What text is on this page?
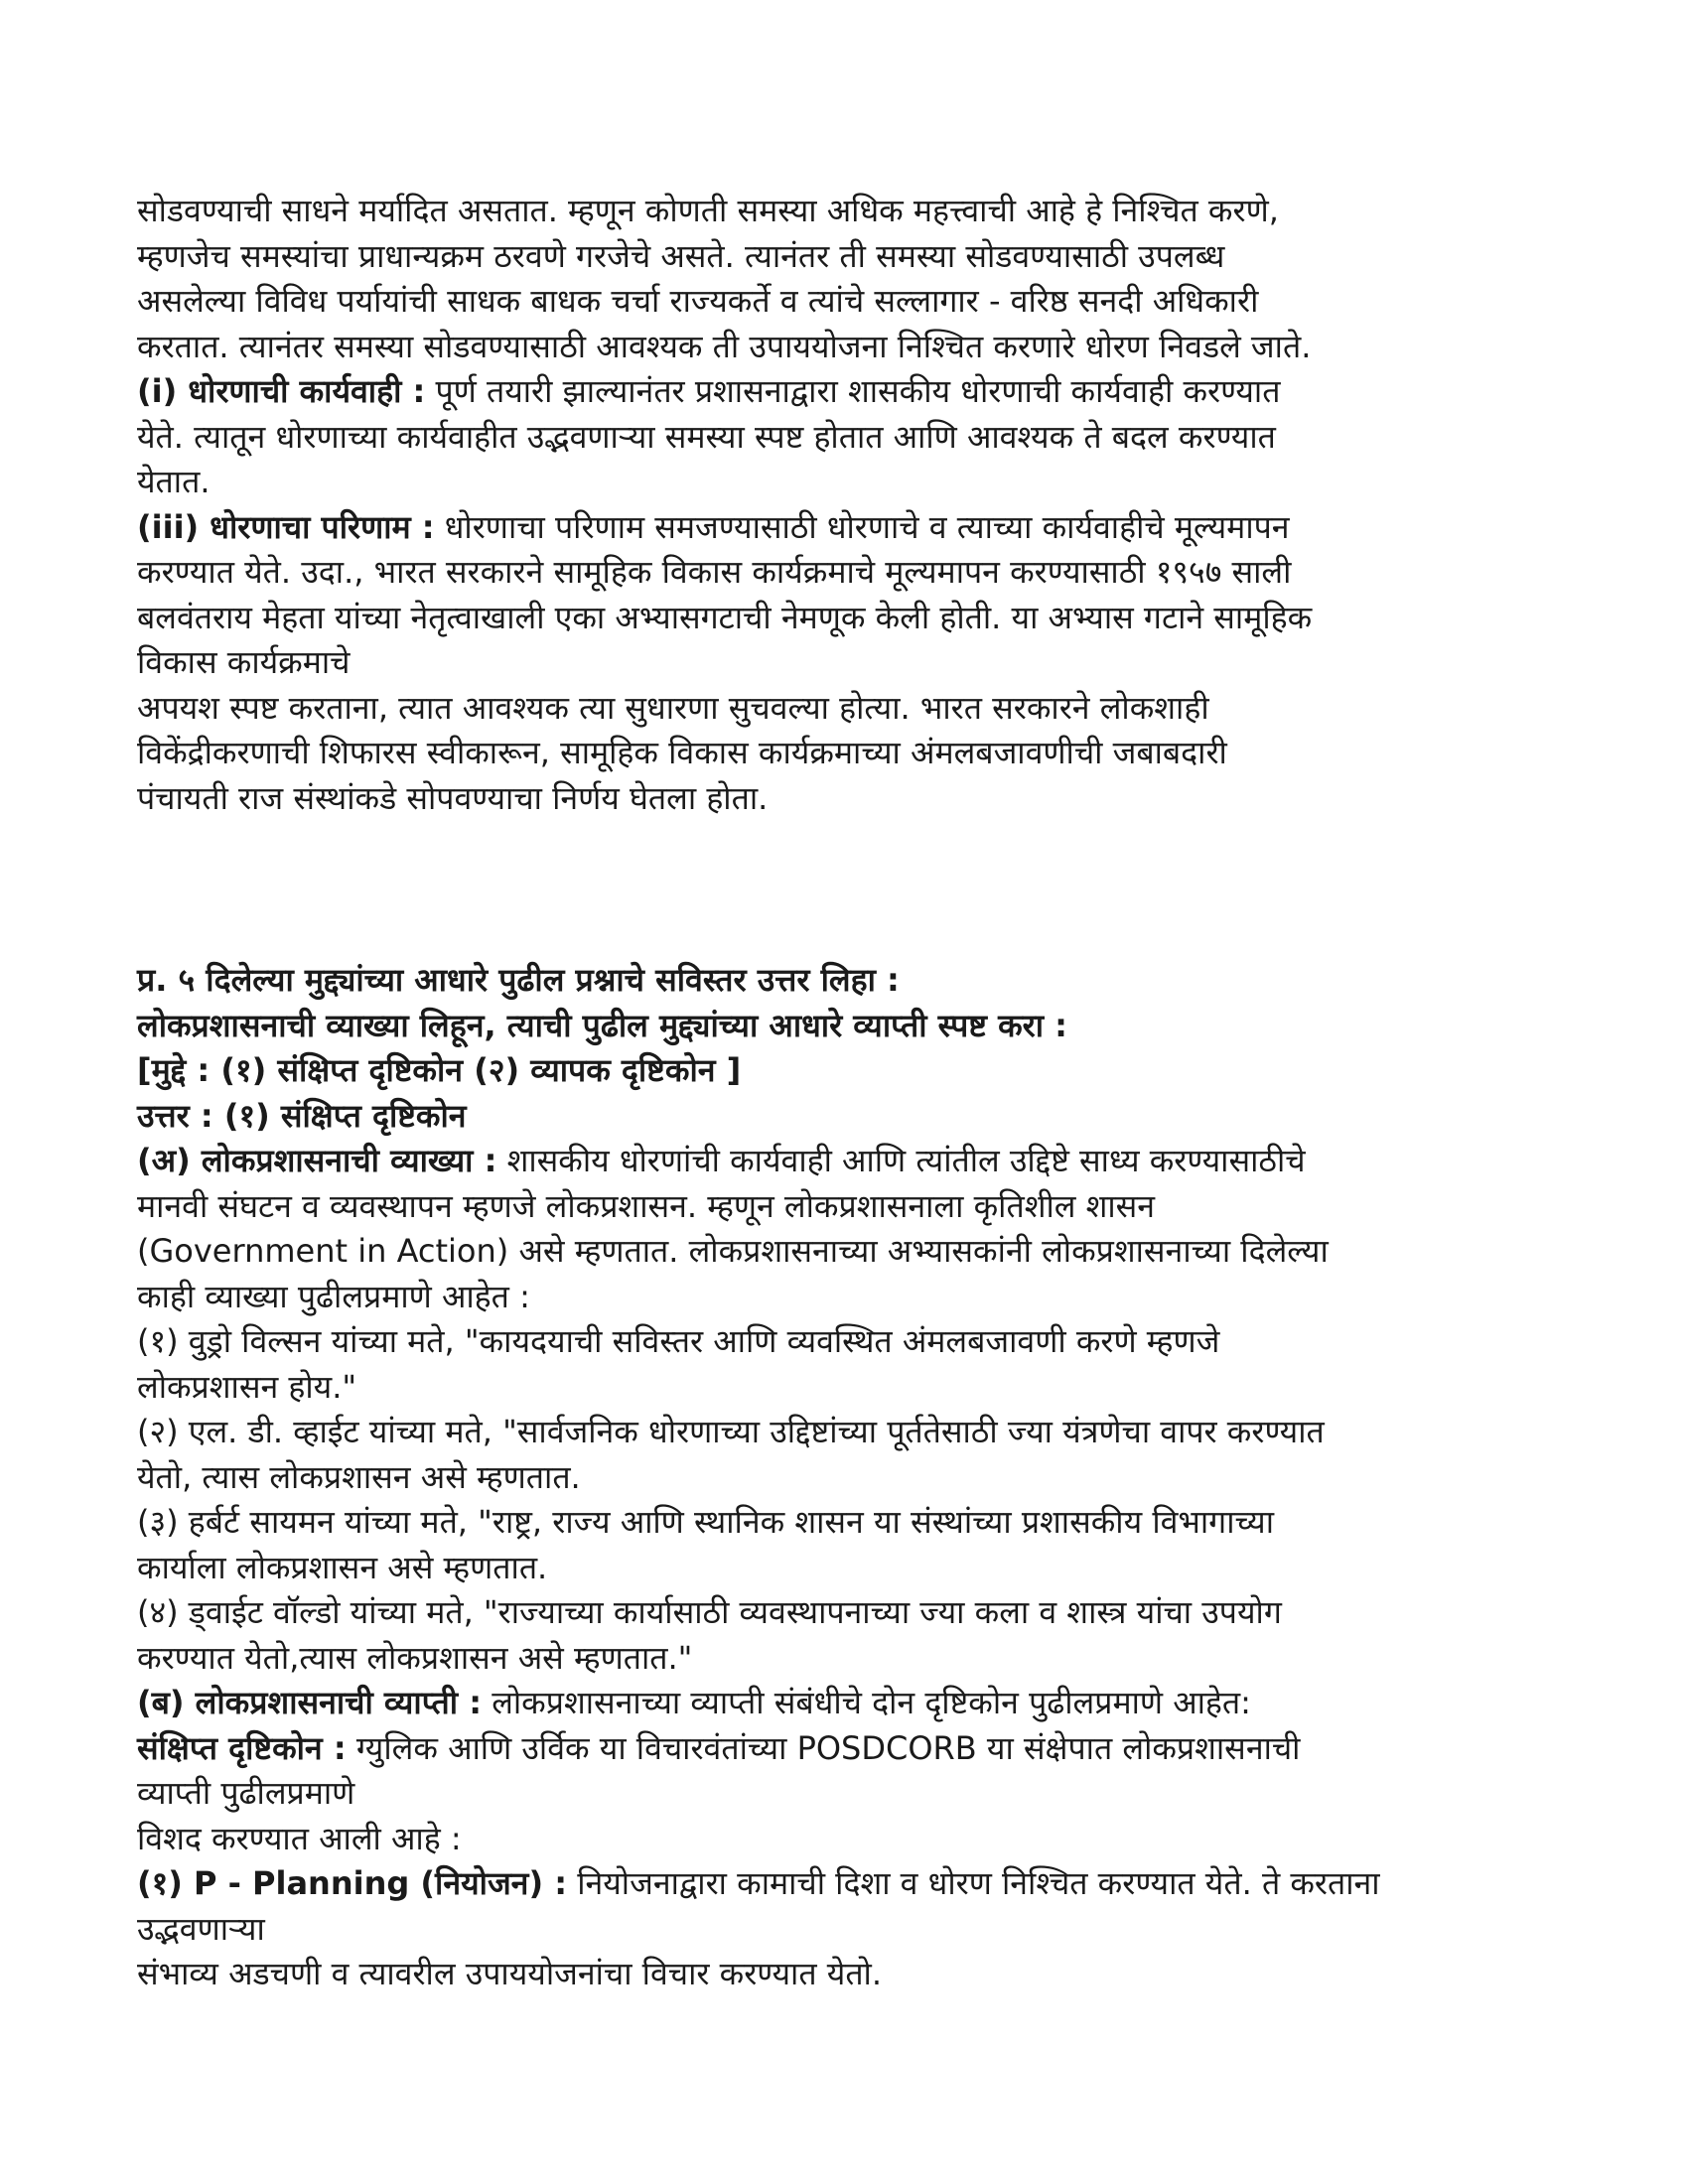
सोडवण्याची साधने मर्यादित असतात. म्हणून कोणती समस्या अधिक महत्त्वाची आहे हे निश्चित करणे,

म्हणजेच समस्यांचा प्राधान्यक्रम ठरवणे गरजेचे असते. त्यानंतर ती समस्या सोडवण्यासाठी उपलब्ध

असलेल्या विविध पर्यायांची साधक बाधक चर्चा राज्यकर्ते व त्यांचे सल्लागार - वरिष्ठ सनदी अधिकारी

करतात. त्यानंतर समस्या सोडवण्यासाठी आवश्यक ती उपाययोजना निश्चित करणारे धोरण निवडले जाते.

(i) धोरणाची कार्यवाही : पूर्ण तयारी झाल्यानंतर प्रशासनाद्वारा शासकीय धोरणाची कार्यवाही करण्यात

येते. त्यातून धोरणाच्या कार्यवाहीत उद्भवणाऱ्या समस्या स्पष्ट होतात आणि आवश्यक ते बदल करण्यात

येतात.

(iii) धोरणाचा परिणाम : धोरणाचा परिणाम समजण्यासाठी धोरणाचे व त्याच्या कार्यवाहीचे मूल्यमापन

करण्यात येते. उदा., भारत सरकारने सामूहिक विकास कार्यक्रमाचे मूल्यमापन करण्यासाठी १९५७ साली

बलवंतराय मेहता यांच्या नेतृत्वाखाली एका अभ्यासगटाची नेमणूक केली होती. या अभ्यास गटाने सामूहिक

विकास कार्यक्रमाचे

अपयश स्पष्ट करताना, त्यात आवश्यक त्या सुधारणा सुचवल्या होत्या. भारत सरकारने लोकशाही

विकेंद्रीकरणाची शिफारस स्वीकारून, सामूहिक विकास कार्यक्रमाच्या अंमलबजावणीची जबाबदारी

पंचायती राज संस्थांकडे सोपवण्याचा निर्णय घेतला होता.

प्र. ५ दिलेल्या मुद्द्यांच्या आधारे पुढील प्रश्नाचे सविस्तर उत्तर लिहा :

लोकप्रशासनाची व्याख्या लिहून, त्याची पुढील मुद्द्यांच्या आधारे व्याप्ती स्पष्ट करा :

[मुद्दे : (१) संक्षिप्त दृष्टिकोन (२) व्यापक दृष्टिकोन ]

उत्तर : (१) संक्षिप्त दृष्टिकोन

(अ) लोकप्रशासनाची व्याख्या : शासकीय धोरणांची कार्यवाही आणि त्यांतील उद्दिष्टे साध्य करण्यासाठीचे

मानवी संघटन व व्यवस्थापन म्हणजे लोकप्रशासन. म्हणून लोकप्रशासनाला कृतिशील शासन

(Government in Action) असे म्हणतात. लोकप्रशासनाच्या अभ्यासकांनी लोकप्रशासनाच्या दिलेल्या

काही व्याख्या पुढीलप्रमाणे आहेत :

(१) वुड्रो विल्सन यांच्या मते, "कायदयाची सविस्तर आणि व्यवस्थित अंमलबजावणी करणे म्हणजे

लोकप्रशासन होय."

(२) एल. डी. व्हाईट यांच्या मते, "सार्वजनिक धोरणाच्या उद्दिष्टांच्या पूर्ततेसाठी ज्या यंत्रणेचा वापर करण्यात

येतो, त्यास लोकप्रशासन असे म्हणतात.

(३) हर्बर्ट सायमन यांच्या मते, "राष्ट्र, राज्य आणि स्थानिक शासन या संस्थांच्या प्रशासकीय विभागाच्या

कार्याला लोकप्रशासन असे म्हणतात.

(४) ड्वाईट वॉल्डो यांच्या मते, "राज्याच्या कार्यासाठी व्यवस्थापनाच्या ज्या कला व शास्त्र यांचा उपयोग

करण्यात येतो,त्यास लोकप्रशासन असे म्हणतात."

(ब) लोकप्रशासनाची व्याप्ती : लोकप्रशासनाच्या व्याप्ती संबंधीचे दोन दृष्टिकोन पुढीलप्रमाणे आहेत:

संक्षिप्त दृष्टिकोन : ग्युलिक आणि उर्विक या विचारवंतांच्या POSDCORB या संक्षेपात लोकप्रशासनाची

व्याप्ती पुढीलप्रमाणे

विशद करण्यात आली आहे :

(१) P - Planning (नियोजन) : नियोजनाद्वारा कामाची दिशा व धोरण निश्चित करण्यात येते. ते करताना

उद्भवणाऱ्या

संभाव्य अडचणी व त्यावरील उपाययोजनांचा विचार करण्यात येतो.
